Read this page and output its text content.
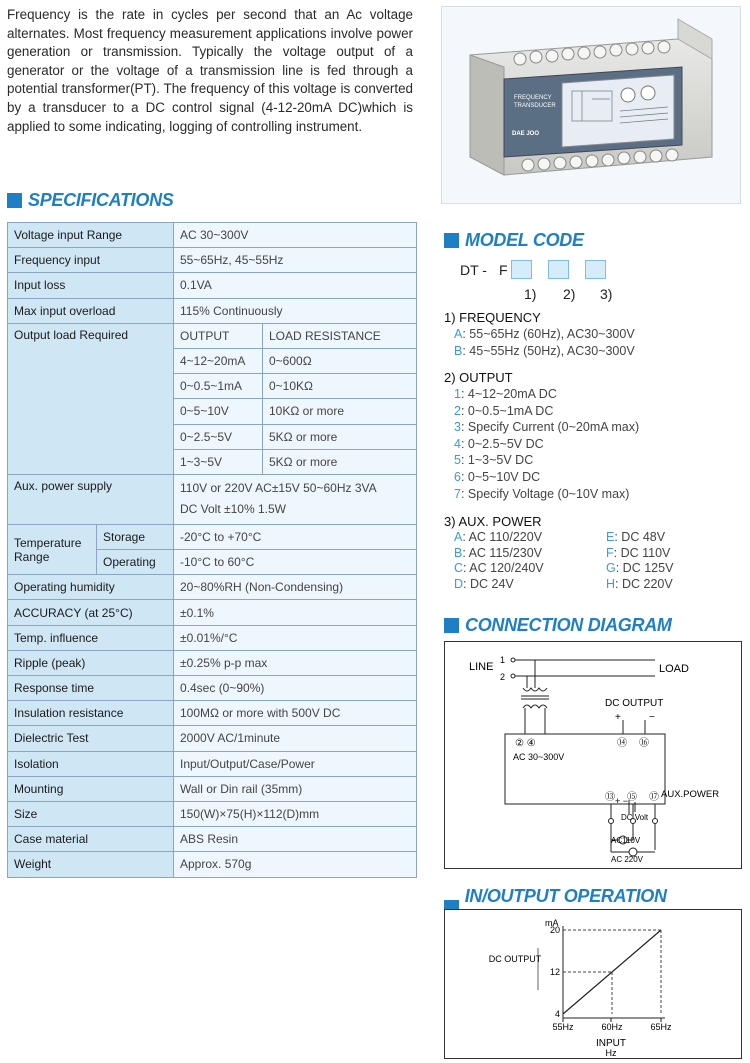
Frequency is the rate in cycles per second that an Ac voltage alternates. Most frequency measurement applications involve power generation or transmission. Typically the voltage output of a generator or the voltage of a transmission line is fed through a potential transformer(PT). The frequency of this voltage is converted by a transducer to a DC control signal (4-12-20mA DC)which is applied to some indicating, logging of controlling instrument.

FREQUENCY
TRANSDUCER
DAE JOO
SPECIFICATIONS
Voltage input Range		AC 30~300V	
Frequency input		55~65Hz, 45~55Hz	
Input loss		0.1VA	
Max input overload		115% Continuously	
Output load Required		OUTPUT	LOAD RESISTANCE
		4~12~20mA	0~600Ω
		0~0.5~1mA	0~10KΩ
		0~5~10V	10KΩ or more
		0~2.5~5V	5KΩ or more
		1~3~5V	5KΩ or more
Aux. power supply		110V or 220V AC±15V 50~60Hz 3VA
DC Volt ±10% 1.5W	

Temperature Range	Storage	-20°C to +70°C	
	Operating	-10°C to 60°C	
Operating humidity		20~80%RH (Non-Condensing)	
ACCURACY (at 25°C)		±0.1%	
Temp. influence		±0.01%/°C	
Ripple (peak)		±0.25% p-p max	
Response time		0.4sec (0~90%)	
Insulation resistance		100MΩ or more with 500V DC	
Dielectric Test		2000V AC/1minute	
Isolation		Input/Output/Case/Power	
Mounting		Wall or Din rail (35mm)	
Size		150(W)×75(H)×112(D)mm	
Case material		ABS Resin	
Weight		Approx. 570g	
MODEL CODE
DT - F
1) 2) 3)
1) FREQUENCY
A: 55~65Hz (60Hz), AC30~300V
B: 45~55Hz (50Hz), AC30~300V
2) OUTPUT
1: 4~12~20mA DC
2: 0~0.5~1mA DC
3: Specify Current (0~20mA max)
4: 0~2.5~5V DC
5: 1~3~5V DC
6: 0~5~10V DC
7: Specify Voltage (0~10V max)
3) AUX. POWER
A: AC 110/220V	E: DC 48V
B: AC 115/230V	F: DC 110V
C: AC 120/240V	G: DC 125V
D: DC 24V	H: DC 220V
CONNECTION DIAGRAM
LINE
1
2
LOAD
DC OUTPUT
+	−
② ④
AC 30~300V
⑭ ⑯
⑬ ⑮ ⑰ AUX.POWER
+ −
DC Volt
AC110V
AC 220V
IN/OUTPUT OPERATION
mA
DC OUTPUT
INPUT
Hz
4
12
20
55Hz	60Hz	65Hz
